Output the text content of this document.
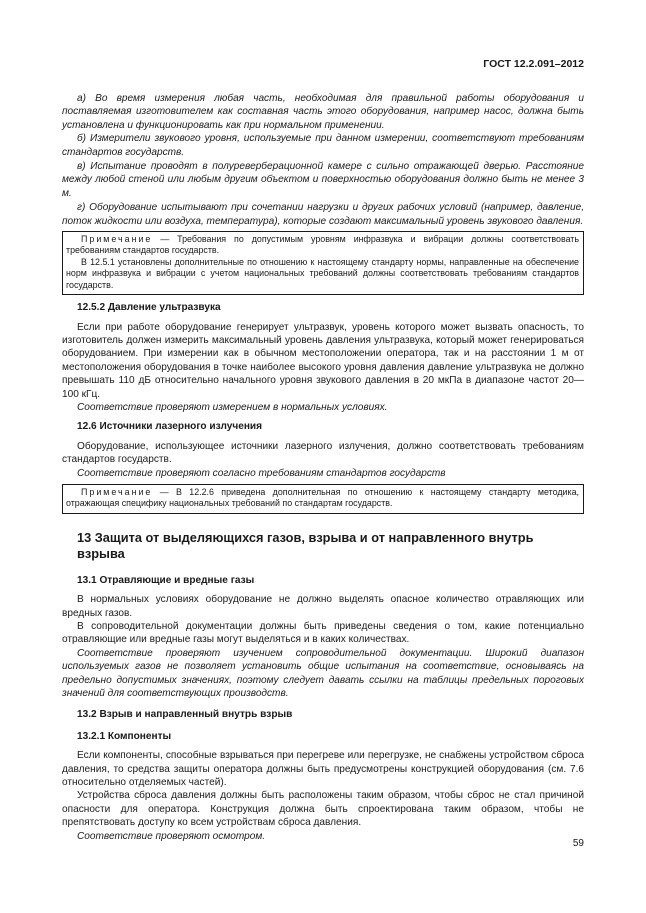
ГОСТ 12.2.091–2012

а) Во время измерения любая часть, необходимая для правильной работы оборудования и поставляемая изготовителем как составная часть этого оборудования, например насос, должна быть установлена и функционировать как при нормальном применении.

б) Измерители звукового уровня, используемые при данном измерении, соответствуют требованиям стандартов государств.

в) Испытание проводят в полуреверберационной камере с сильно отражающей дверью. Расстояние между любой стеной или любым другим объектом и поверхностью оборудования должно быть не менее 3 м.

г) Оборудование испытывают при сочетании нагрузки и других рабочих условий (например, давление, поток жидкости или воздуха, температура), которые создают максимальный уровень звукового давления.

Примечание — Требования по допустимым уровням инфразвука и вибрации должны соответствовать требованиям стандартов государств.

В 12.5.1 установлены дополнительные по отношению к настоящему стандарту нормы, направленные на обеспечение норм инфразвука и вибрации с учетом национальных требований должны соответствовать требованиям стандартов государств.

12.5.2 Давление ультразвука

Если при работе оборудование генерирует ультразвук, уровень которого может вызвать опасность, то изготовитель должен измерить максимальный уровень давления ультразвука, который может генерироваться оборудованием. При измерении как в обычном местоположении оператора, так и на расстоянии 1 м от местоположения оборудования в точке наиболее высокого уровня давления давление ультразвука не должно превышать 110 дБ относительно начального уровня звукового давления в 20 мкПа в диапазоне частот 20—100 кГц.

Соответствие проверяют измерением в нормальных условиях.

12.6 Источники лазерного излучения

Оборудование, использующее источники лазерного излучения, должно соответствовать требованиям стандартов государств.

Соответствие проверяют согласно требованиям стандартов государств

Примечание — В 12.2.6 приведена дополнительная по отношению к настоящему стандарту методика, отражающая специфику национальных требований по стандартам государств.

13 Защита от выделяющихся газов, взрыва и от направленного внутрь взрыва
13.1 Отравляющие и вредные газы

В нормальных условиях оборудование не должно выделять опасное количество отравляющих или вредных газов.

В сопроводительной документации должны быть приведены сведения о том, какие потенциально отравляющие или вредные газы могут выделяться и в каких количествах.

Соответствие проверяют изучением сопроводительной документации. Широкий диапазон используемых газов не позволяет установить общие испытания на соответствие, основываясь на предельно допустимых значениях, поэтому следует давать ссылки на таблицы предельных пороговых значений для соответствующих производств.

13.2 Взрыв и направленный внутрь взрыв
13.2.1 Компоненты

Если компоненты, способные взрываться при перегреве или перегрузке, не снабжены устройством сброса давления, то средства защиты оператора должны быть предусмотрены конструкцией оборудования (см. 7.6 относительно отделяемых частей).

Устройства сброса давления должны быть расположены таким образом, чтобы сброс не стал причиной опасности для оператора. Конструкция должна быть спроектирована таким образом, чтобы не препятствовать доступу ко всем устройствам сброса давления.

Соответствие проверяют осмотром.

59
